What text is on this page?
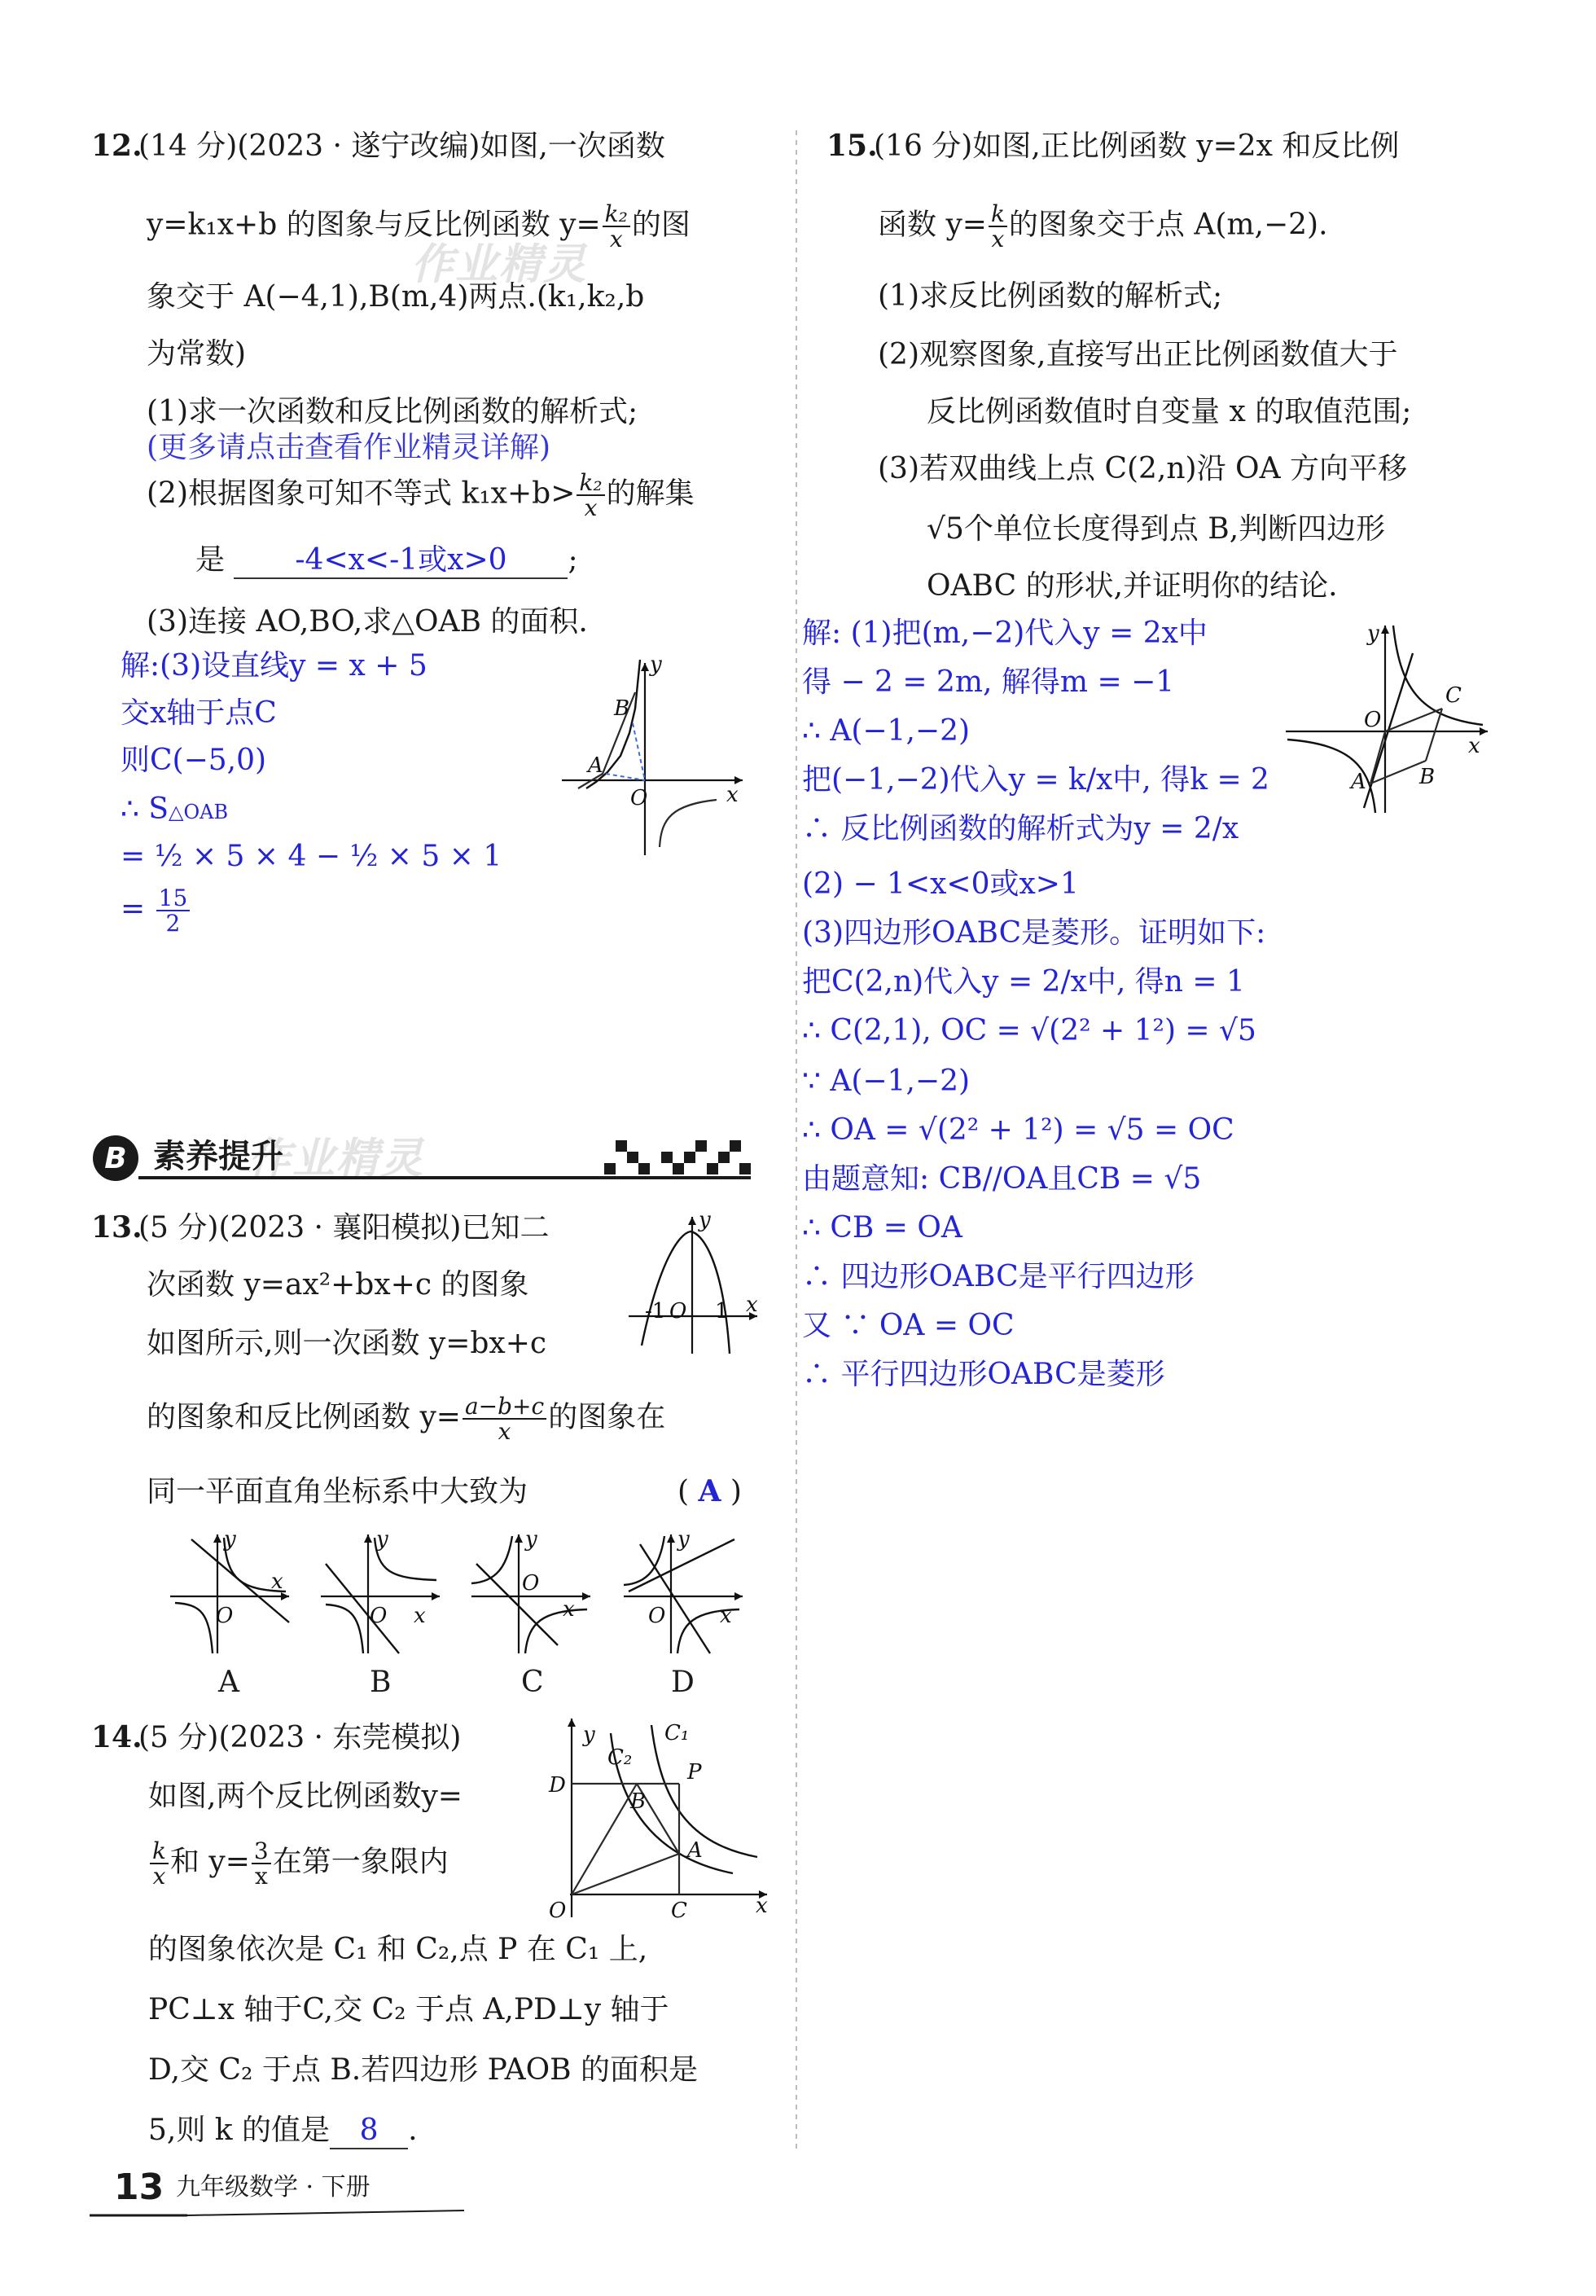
作业精灵
作业精灵
12.
(14 分)(2023 · 遂宁改编)如图,一次函数
y=k₁x+b 的图象与反比例函数 $y= \frac{\text{k₂}}{x}$ 的图
象交于 A(−4,1),B(m,4)两点.(k₁,k₂,b
为常数)
(1)求一次函数和反比例函数的解析式;
(更多请点击查看作业精灵详解)
(2)根据图象可知不等式 $k_1x+b> \frac{\text{k₂}}{x}$ 的解集
是 -4<x<-1或x>0 ;
(3)连接 AO,BO,求△OAB 的面积.
解:(3)设直线y = x + 5
交x轴于点C
则C(−5,0)
∴ S△OAB
= ½ × 5 × 4 − ½ × 5 × 1
= $\frac{15}{2}$
B
A
O
y
x
B 素养提升
13.
(5 分)(2023 · 襄阳模拟)已知二
次函数 y=ax²+bx+c 的图象
如图所示,则一次函数 y=bx+c
的图象和反比例函数 $y= \frac{a-b+c}{x}$ 的图象在
同一平面直角坐标系中大致为	( A )
-1 O 1
y
x
y
x
O
A
y
x
O
B
y
x
O
C
y
x
O
D
14.
(5 分)(2023 · 东莞模拟)
如图,两个反比例函数y=
$\frac{k}{x}$ 和 $y= \frac{3}{x}$ 在第一象限内
的图象依次是 C₁ 和 C₂,点 P 在 C₁ 上,
PC⊥x 轴于C,交 C₂ 于点 A,PD⊥y 轴于
D,交 C₂ 于点 B.若四边形 PAOB 的面积是
5,则 k 的值是 8 .
y
x
O
C₁
C₂
P
D
B
A
C
15.
(16 分)如图,正比例函数 y=2x 和反比例
函数 $y= \frac{k}{x}$ 的图象交于点 A(m,−2).
(1)求反比例函数的解析式;
(2)观察图象,直接写出正比例函数值大于
反比例函数值时自变量 x 的取值范围;
(3)若双曲线上点 C(2,n)沿 OA 方向平移
√5个单位长度得到点 B,判断四边形
OABC 的形状,并证明你的结论.
解: (1)把(m,−2)代入y = 2x中
得 − 2 = 2m, 解得m = −1
∴ A(−1,−2)
把(−1,−2)代入y = k/x中, 得k = 2
∴ 反比例函数的解析式为y = 2/x
(2) − 1<x<0或x>1
(3)四边形OABC是菱形。证明如下:
把C(2,n)代入y = 2/x中, 得n = 1
∴ C(2,1), OC = √(2² + 1²) = √5
∵ A(−1,−2)
∴ OA = √(2² + 1²) = √5 = OC
由题意知: CB//OA且CB = √5
∴ CB = OA
∴ 四边形OABC是平行四边形
又 ∵ OA = OC
∴ 平行四边形OABC是菱形
y
x
O
C
A	B
13 九年级数学 · 下册
